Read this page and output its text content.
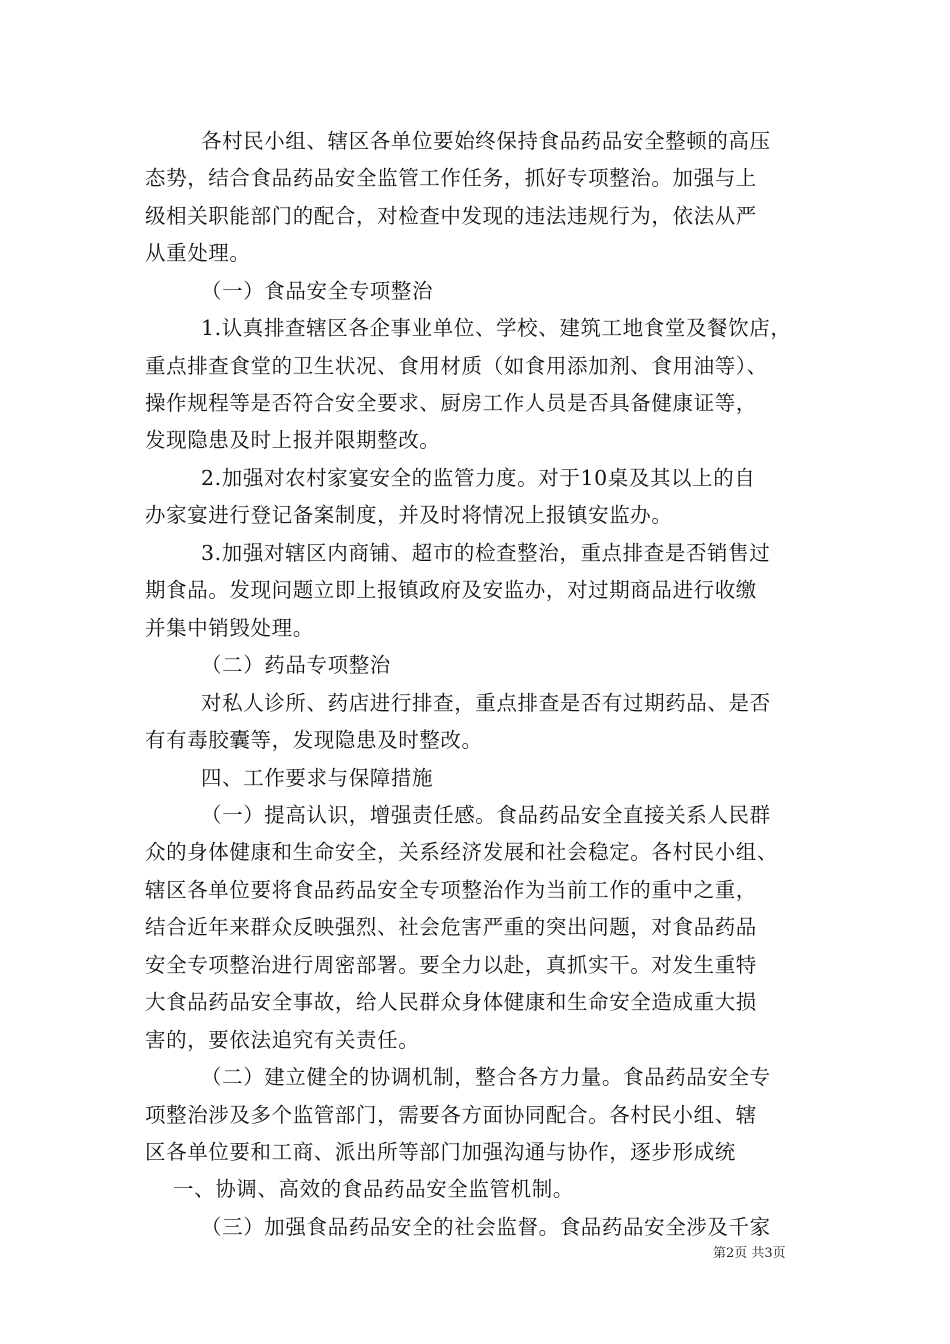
各村民小组、辖区各单位要始终保持食品药品安全整顿的高压

态势，结合食品药品安全监管工作任务，抓好专项整治。加强与上

级相关职能部门的配合，对检查中发现的违法违规行为，依法从严

从重处理。

（一）食品安全专项整治

1.认真排查辖区各企事业单位、学校、建筑工地食堂及餐饮店，

重点排查食堂的卫生状况、食用材质（如食用添加剂、食用油等）、

操作规程等是否符合安全要求、厨房工作人员是否具备健康证等，

发现隐患及时上报并限期整改。

2.加强对农村家宴安全的监管力度。对于10桌及其以上的自

办家宴进行登记备案制度，并及时将情况上报镇安监办。

3.加强对辖区内商铺、超市的检查整治，重点排查是否销售过

期食品。发现问题立即上报镇政府及安监办，对过期商品进行收缴

并集中销毁处理。

（二）药品专项整治

对私人诊所、药店进行排查，重点排查是否有过期药品、是否

有有毒胶囊等，发现隐患及时整改。

四、工作要求与保障措施

（一）提高认识，增强责任感。食品药品安全直接关系人民群

众的身体健康和生命安全，关系经济发展和社会稳定。各村民小组、

辖区各单位要将食品药品安全专项整治作为当前工作的重中之重，

结合近年来群众反映强烈、社会危害严重的突出问题，对食品药品

安全专项整治进行周密部署。要全力以赴，真抓实干。对发生重特

大食品药品安全事故，给人民群众身体健康和生命安全造成重大损

害的，要依法追究有关责任。

（二）建立健全的协调机制，整合各方力量。食品药品安全专

项整治涉及多个监管部门，需要各方面协同配合。各村民小组、辖

区各单位要和工商、派出所等部门加强沟通与协作，逐步形成统

一、协调、高效的食品药品安全监管机制。

（三）加强食品药品安全的社会监督。食品药品安全涉及千家

第2页 共3页
